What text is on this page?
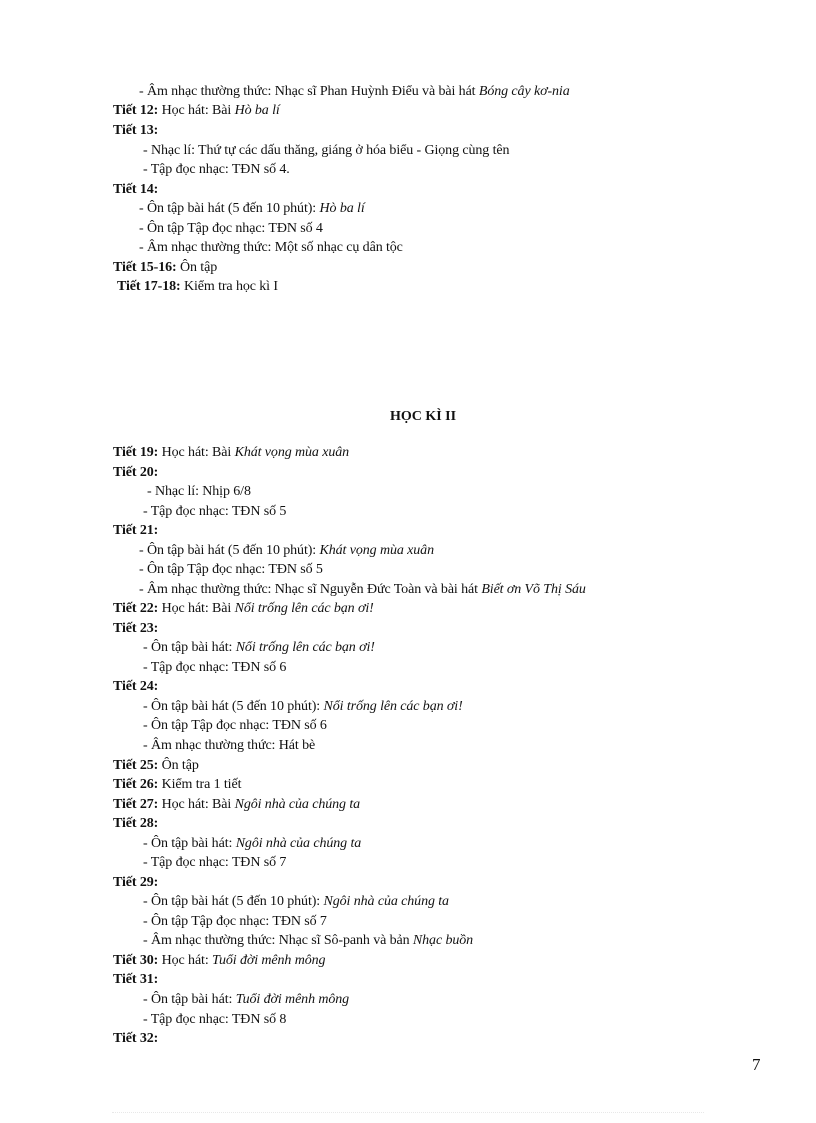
- Âm nhạc thường thức: Nhạc sĩ Phan Huỳnh Điểu và bài hát Bóng cây kơ-nia
Tiết 12: Học hát: Bài Hò ba lí
Tiết 13:
- Nhạc lí: Thứ tự các dấu thăng, giáng ở hóa biểu - Giọng cùng tên
- Tập đọc nhạc: TĐN số 4.
Tiết 14:
- Ôn tập bài hát (5 đến 10 phút): Hò ba lí
- Ôn tập Tập đọc nhạc: TĐN số 4
- Âm nhạc thường thức: Một số nhạc cụ dân tộc
Tiết 15-16: Ôn tập
Tiết 17-18: Kiểm tra học kì I
HỌC KÌ II
Tiết 19: Học hát: Bài Khát vọng mùa xuân
Tiết 20:
- Nhạc lí: Nhịp 6/8
- Tập đọc nhạc: TĐN số 5
Tiết 21:
- Ôn tập bài hát (5 đến 10 phút): Khát vọng mùa xuân
- Ôn tập Tập đọc nhạc: TĐN số 5
- Âm nhạc thường thức: Nhạc sĩ Nguyễn Đức Toàn và bài hát Biết ơn Võ Thị Sáu
Tiết 22: Học hát: Bài Nổi trống lên các bạn ơi!
Tiết 23:
- Ôn tập bài hát: Nổi trống lên các bạn ơi!
- Tập đọc nhạc: TĐN số 6
Tiết 24:
- Ôn tập bài hát (5 đến 10 phút): Nổi trống lên các bạn ơi!
- Ôn tập Tập đọc nhạc: TĐN số 6
- Âm nhạc thường thức: Hát bè
Tiết 25: Ôn tập
Tiết 26: Kiểm tra 1 tiết
Tiết 27: Học hát: Bài Ngôi nhà của chúng ta
Tiết 28:
- Ôn tập bài hát: Ngôi nhà của chúng ta
- Tập đọc nhạc: TĐN số 7
Tiết 29:
- Ôn tập bài hát (5 đến 10 phút): Ngôi nhà của chúng ta
- Ôn tập Tập đọc nhạc: TĐN số 7
- Âm nhạc thường thức: Nhạc sĩ Sô-panh và bản Nhạc buồn
Tiết 30: Học hát: Tuổi đời mênh mông
Tiết 31:
- Ôn tập bài hát: Tuổi đời mênh mông
- Tập đọc nhạc: TĐN số 8
Tiết 32:
7
